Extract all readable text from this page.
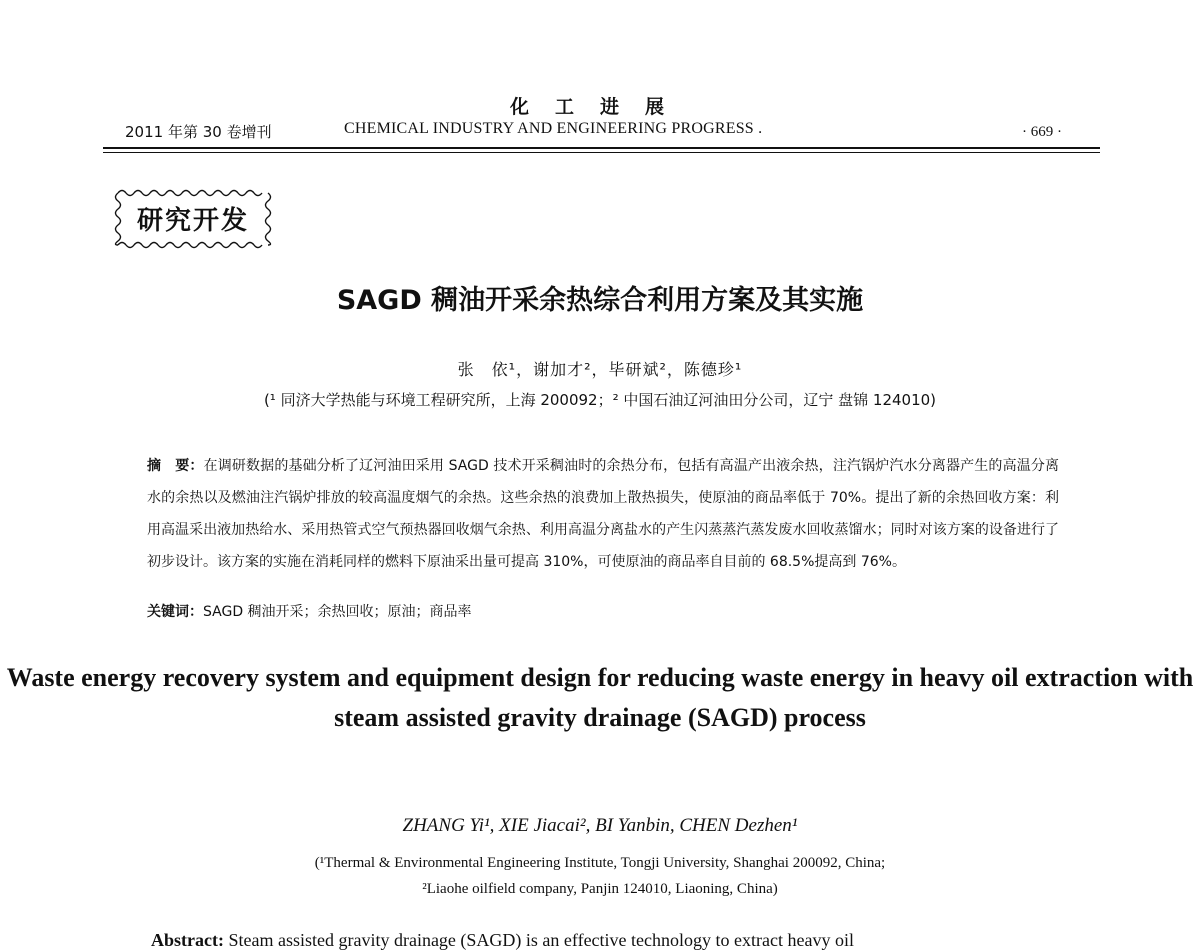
化工进展
2011 年第 30 卷增刊	CHEMICAL INDUSTRY AND ENGINEERING PROGRESS .	· 669 ·
研究开发
SAGD 稠油开采余热综合利用方案及其实施
张　依¹，谢加才²，毕研斌²，陈德珍¹
(¹ 同济大学热能与环境工程研究所，上海 200092；² 中国石油辽河油田分公司，辽宁 盘锦 124010)
摘　要：在调研数据的基础分析了辽河油田采用 SAGD 技术开采稠油时的余热分布，包括有高温产出液余热，注汽锅炉汽水分离器产生的高温分离水的余热以及燃油注汽锅炉排放的较高温度烟气的余热。这些余热的浪费加上散热损失，使原油的商品率低于 70%。提出了新的余热回收方案：利用高温采出液加热给水、采用热管式空气预热器回收烟气余热、利用高温分离盐水的产生闪蒸蒸汽蒸发废水回收蒸馏水；同时对该方案的设备进行了初步设计。该方案的实施在消耗同样的燃料下原油采出量可提高 310%，可使原油的商品率自目前的 68.5%提高到 76%。
关键词：SAGD 稠油开采；余热回收；原油；商品率
Waste energy recovery system and equipment design for reducing waste energy in heavy oil extraction with steam assisted gravity drainage (SAGD) process
ZHANG Yi¹, XIE Jiacai², BI Yanbin, CHEN Dezhen¹
(¹Thermal & Environmental Engineering Institute, Tongji University, Shanghai 200092, China;
²Liaohe oilfield company, Panjin 124010, Liaoning, China)
Abstract: Steam assisted gravity drainage (SAGD) is an effective technology to extract heavy oil
